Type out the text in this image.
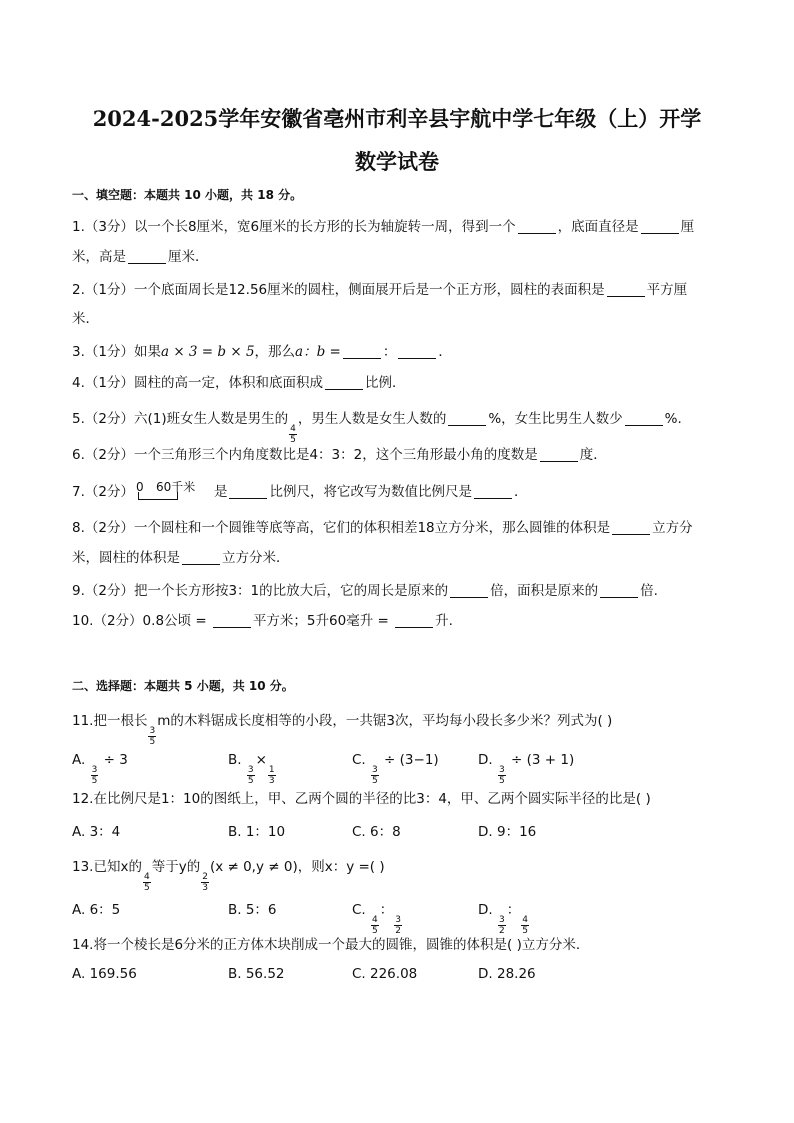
2024-2025学年安徽省亳州市利辛县宇航中学七年级（上）开学
数学试卷
一、填空题：本题共 10 小题，共 18 分。
1.（3分）以一个长8厘米，宽6厘米的长方形的长为轴旋转一周，得到一个	，底面直径是	厘
米，高是	厘米．
2.（1分）一个底面周长是12.56厘米的圆柱，侧面展开后是一个正方形，圆柱的表面积是	平方厘
米．
3.（1分）如果a × 3 = b × 5，那么a：b =	：	．
4.（1分）圆柱的高一定，体积和底面积成	比例．
5.（2分）六(1)班女生人数是男生的
$\frac{4}{5}$
，男生人数是女生人数的	%，女生比男生人数少	%.
6.（2分）一个三角形三个内角度数比是4：3：2，这个三角形最小角的度数是	度．
7.（2分） 0 60千米 是	比例尺，将它改写为数值比例尺是	．
8.（2分）一个圆柱和一个圆锥等底等高，它们的体积相差18立方分米，那么圆锥的体积是	立方分
米，圆柱的体积是	立方分米．
9.（2分）把一个长方形按3：1的比放大后，它的周长是原来的	倍，面积是原来的	倍.
10.（2分）0.8公顷 =	平方米；5升60毫升 =	升.
二、选择题：本题共 5 小题，共 10 分。
11.把一根长
$\frac{3}{5}$
m的木料锯成长度相等的小段，一共锯3次，平均每小段长多少米？列式为( )
A.
$\frac{3}{5}$
÷ 3	B.
$\frac{3}{5}$
×
$\frac{1}{3}$
C.
$\frac{3}{5}$
÷ (3−1)	D.
$\frac{3}{5}$
÷ (3 + 1)
12.在比例尺是1：10的图纸上，甲、乙两个圆的半径的比3：4，甲、乙两个圆实际半径的比是( )
A. 3：4	B. 1：10	C. 6：8	D. 9：16
13.已知x的
$\frac{4}{5}$
等于y的
$\frac{2}{3}$
(x ≠ 0,y ≠ 0)，则x：y =( )
A. 6：5	B. 5：6	C.
$\frac{4}{5}$
：
$\frac{3}{2}$
D.
$\frac{3}{2}$
：
$\frac{4}{5}$
14.将一个棱长是6分米的正方体木块削成一个最大的圆锥，圆锥的体积是( )立方分米．
A. 169.56	B. 56.52	C. 226.08	D. 28.26
